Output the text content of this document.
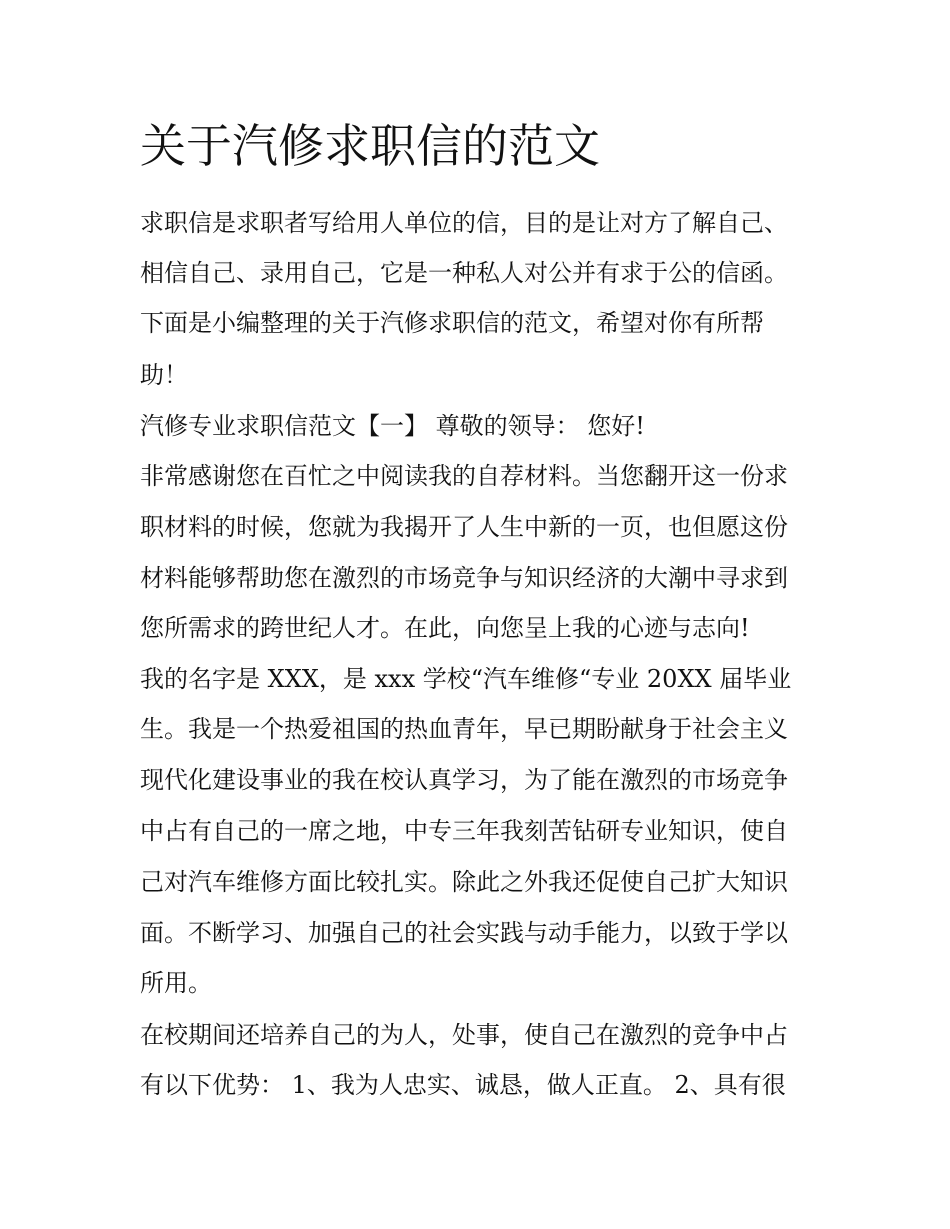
关于汽修求职信的范文

求职信是求职者写给用人单位的信，目的是让对方了解自己、

相信自己、录用自己，它是一种私人对公并有求于公的信函。

下面是小编整理的关于汽修求职信的范文，希望对你有所帮

助！

汽修专业求职信范文【一】 尊敬的领导： 您好!

非常感谢您在百忙之中阅读我的自荐材料。当您翻开这一份求

职材料的时候，您就为我揭开了人生中新的一页，也但愿这份

材料能够帮助您在激烈的市场竞争与知识经济的大潮中寻求到

您所需求的跨世纪人才。在此，向您呈上我的心迹与志向!

我的名字是 XXX，是 xxx 学校“汽车维修“专业 20XX 届毕业

生。我是一个热爱祖国的热血青年，早已期盼献身于社会主义

现代化建设事业的我在校认真学习，为了能在激烈的市场竞争

中占有自己的一席之地，中专三年我刻苦钻研专业知识，使自

己对汽车维修方面比较扎实。除此之外我还促使自己扩大知识

面。不断学习、加强自己的社会实践与动手能力，以致于学以

所用。

在校期间还培养自己的为人，处事，使自己在激烈的竞争中占

有以下优势： 1、我为人忠实、诚恳，做人正直。 2、具有很
